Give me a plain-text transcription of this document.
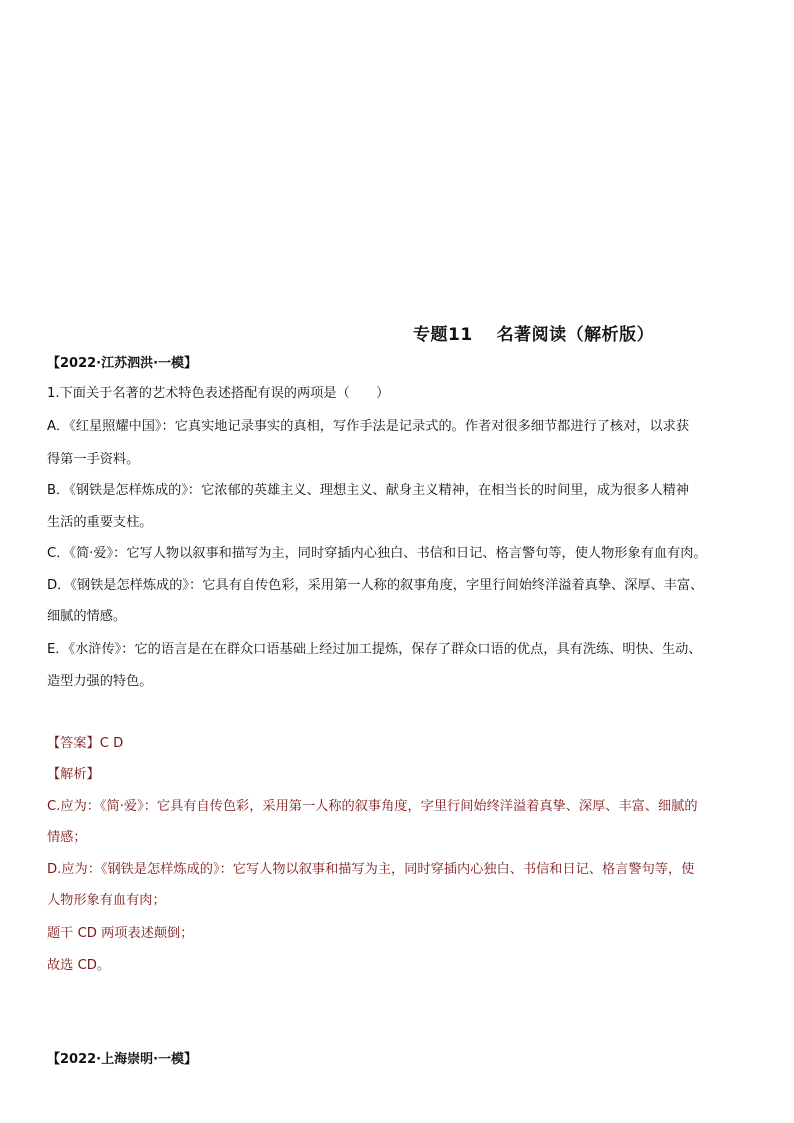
专题11　 名著阅读（解析版）
【2022·江苏泗洪·一模】
1.下面关于名著的艺术特色表述搭配有误的两项是（　　）
A．《红星照耀中国》：它真实地记录事实的真相，写作手法是记录式的。作者对很多细节都进行了核对，以求获
得第一手资料。
B．《钢铁是怎样炼成的》：它浓郁的英雄主义、理想主义、献身主义精神，在相当长的时间里，成为很多人精神
生活的重要支柱。
C．《简·爱》：它写人物以叙事和描写为主，同时穿插内心独白、书信和日记、格言警句等，使人物形象有血有肉。
D．《钢铁是怎样炼成的》：它具有自传色彩，采用第一人称的叙事角度，字里行间始终洋溢着真挚、深厚、丰富、
细腻的情感。
E．《水浒传》：它的语言是在在群众口语基础上经过加工提炼，保存了群众口语的优点，具有洗练、明快、生动、
造型力强的特色。
【答案】C D
【解析】
C.应为：《简·爱》：它具有自传色彩，采用第一人称的叙事角度，字里行间始终洋溢着真挚、深厚、丰富、细腻的
情感；
D.应为：《钢铁是怎样炼成的》：它写人物以叙事和描写为主，同时穿插内心独白、书信和日记、格言警句等，使
人物形象有血有肉；
题干 CD 两项表述颠倒；
故选 CD。
【2022·上海崇明·一模】
